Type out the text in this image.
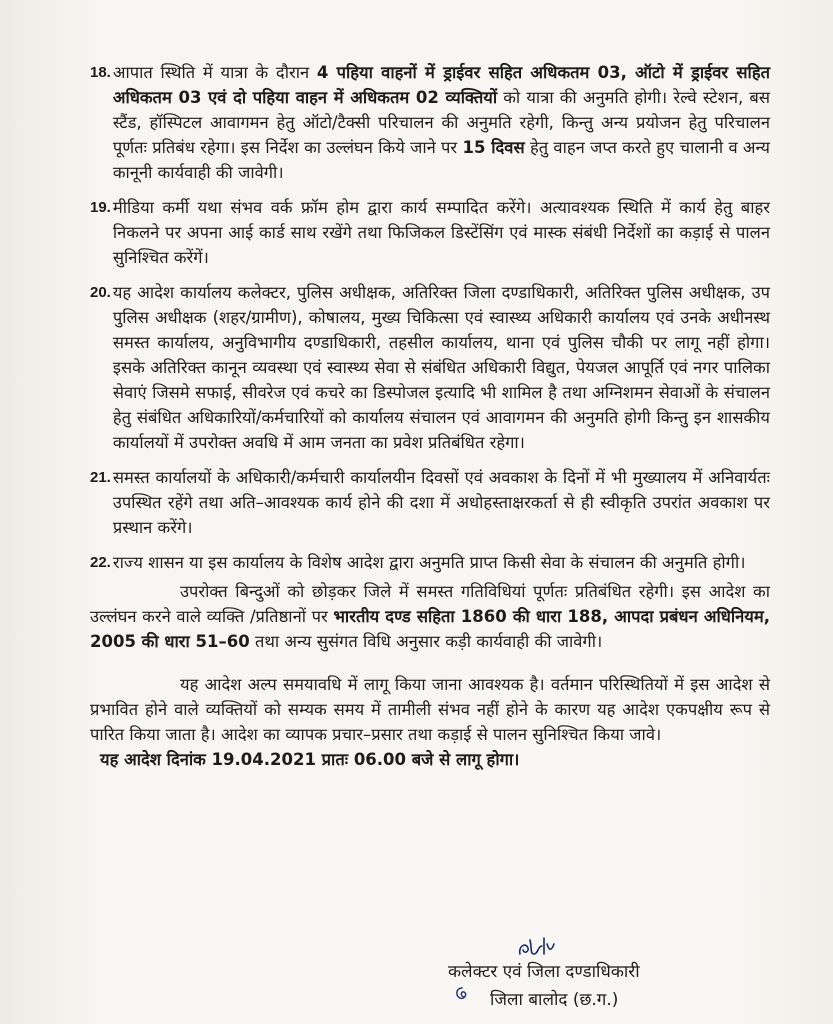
18. आपात स्थिति में यात्रा के दौरान 4 पहिया वाहनों में ड्राईवर सहित अधिकतम 03, ऑटो में ड्राईवर सहित अधिकतम 03 एवं दो पहिया वाहन में अधिकतम 02 व्यक्तियों को यात्रा की अनुमति होगी। रेल्वे स्टेशन, बस स्टैंड, हॉस्पिटल आवागमन हेतु ऑटो/टैक्सी परिचालन की अनुमति रहेगी, किन्तु अन्य प्रयोजन हेतु परिचालन पूर्णतः प्रतिबंध रहेगा। इस निर्देश का उल्लंघन किये जाने पर 15 दिवस हेतु वाहन जप्त करते हुए चालानी व अन्य कानूनी कार्यवाही की जावेगी।
19. मीडिया कर्मी यथा संभव वर्क फ्रॉम होम द्वारा कार्य सम्पादित करेंगे। अत्यावश्यक स्थिति में कार्य हेतु बाहर निकलने पर अपना आई कार्ड साथ रखेंगे तथा फिजिकल डिस्टेंसिंग एवं मास्क संबंधी निर्देशों का कड़ाई से पालन सुनिश्चित करेंगें।
20. यह आदेश कार्यालय कलेक्टर, पुलिस अधीक्षक, अतिरिक्त जिला दण्डाधिकारी, अतिरिक्त पुलिस अधीक्षक, उप पुलिस अधीक्षक (शहर/ग्रामीण), कोषालय, मुख्य चिकित्सा एवं स्वास्थ्य अधिकारी कार्यालय एवं उनके अधीनस्थ समस्त कार्यालय, अनुविभागीय दण्डाधिकारी, तहसील कार्यालय, थाना एवं पुलिस चौकी पर लागू नहीं होगा। इसके अतिरिक्त कानून व्यवस्था एवं स्वास्थ्य सेवा से संबंधित अधिकारी विद्युत, पेयजल आपूर्ति एवं नगर पालिका सेवाएं जिसमे सफाई, सीवरेज एवं कचरे का डिस्पोजल इत्यादि भी शामिल है तथा अग्निशमन सेवाओं के संचालन हेतु संबंधित अधिकारियों/कर्मचारियों को कार्यालय संचालन एवं आवागमन की अनुमति होगी किन्तु इन शासकीय कार्यालयों में उपरोक्त अवधि में आम जनता का प्रवेश प्रतिबंधित रहेगा।
21. समस्त कार्यालयों के अधिकारी/कर्मचारी कार्यालयीन दिवसों एवं अवकाश के दिनों में भी मुख्यालय में अनिवार्यतः उपस्थित रहेंगे तथा अति–आवश्यक कार्य होने की दशा में अधोहस्ताक्षरकर्ता से ही स्वीकृति उपरांत अवकाश पर प्रस्थान करेंगे।
22. राज्य शासन या इस कार्यालय के विशेष आदेश द्वारा अनुमति प्राप्त किसी सेवा के संचालन की अनुमति होगी।

उपरोक्त बिन्दुओं को छोड़कर जिले में समस्त गतिविधियां पूर्णतः प्रतिबंधित रहेगी। इस आदेश का उल्लंघन करने वाले व्यक्ति /प्रतिष्ठानों पर भारतीय दण्ड सहिता 1860 की धारा 188, आपदा प्रबंधन अधिनियम, 2005 की धारा 51–60 तथा अन्य सुसंगत विधि अनुसार कड़ी कार्यवाही की जावेगी।

यह आदेश अल्प समयावधि में लागू किया जाना आवश्यक है। वर्तमान परिस्थितियों में इस आदेश से प्रभावित होने वाले व्यक्तियों को सम्यक समय में तामीली संभव नहीं होने के कारण यह आदेश एकपक्षीय रूप से पारित किया जाता है। आदेश का व्यापक प्रचार–प्रसार तथा कड़ाई से पालन सुनिश्चित किया जावे।

यह आदेश दिनांक 19.04.2021 प्रातः 06.00 बजे से लागू होगा।

कलेक्टर एवं जिला दण्डाधिकारी
जिला बालोद (छ.ग.)
